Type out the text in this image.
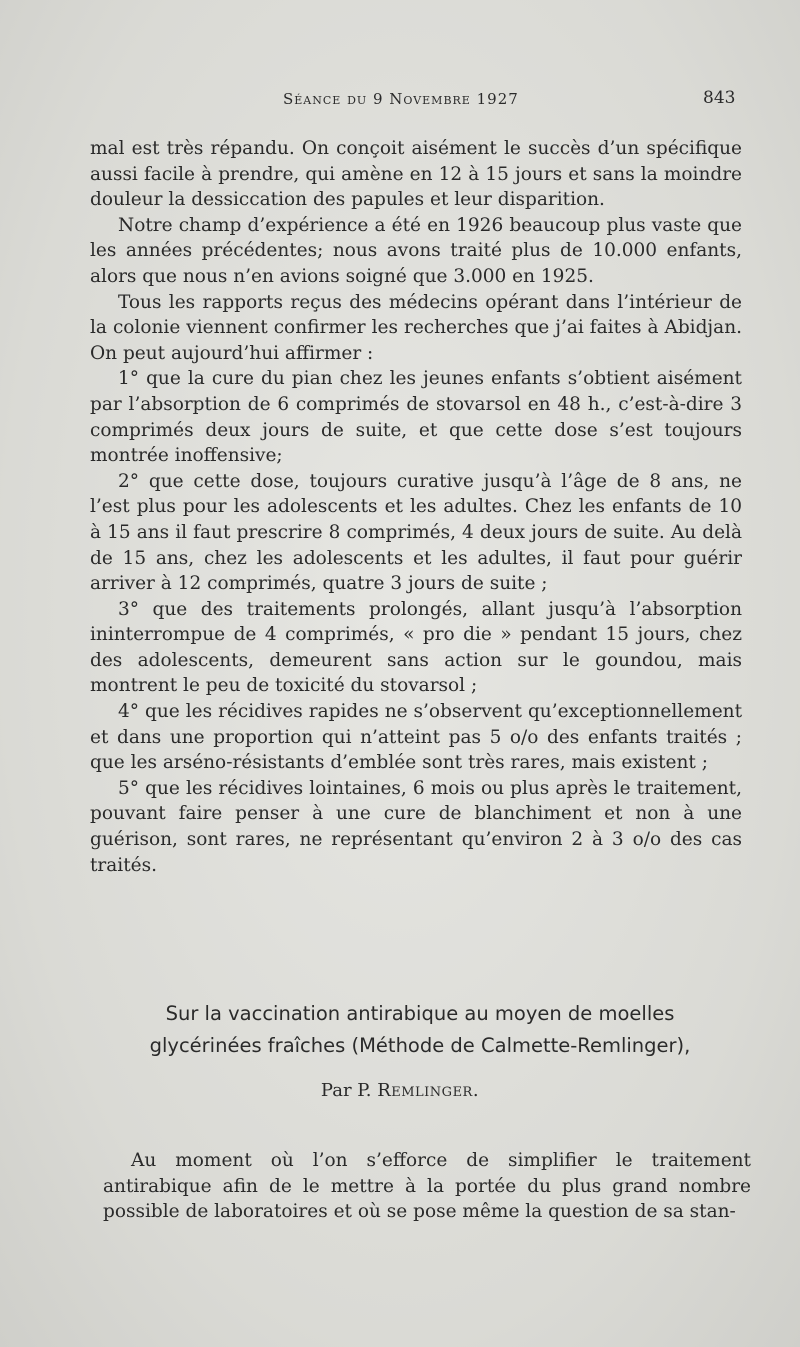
Séance du 9 Novembre 1927	843

mal est très répandu. On conçoit aisément le succès d’un spécifique aussi facile à prendre, qui amène en 12 à 15 jours et sans la moindre douleur la dessiccation des papules et leur disparition.

Notre champ d’expérience a été en 1926 beaucoup plus vaste que les années précédentes; nous avons traité plus de 10.000 enfants, alors que nous n’en avions soigné que 3.000 en 1925.

Tous les rapports reçus des médecins opérant dans l’intérieur de la colonie viennent confirmer les recherches que j’ai faites à Abidjan. On peut aujourd’hui affirmer :

1° que la cure du pian chez les jeunes enfants s’obtient aisément par l’absorption de 6 comprimés de stovarsol en 48 h., c’est-à-dire 3 comprimés deux jours de suite, et que cette dose s’est toujours montrée inoffensive;

2° que cette dose, toujours curative jusqu’à l’âge de 8 ans, ne l’est plus pour les adolescents et les adultes. Chez les enfants de 10 à 15 ans il faut prescrire 8 comprimés, 4 deux jours de suite. Au delà de 15 ans, chez les adolescents et les adultes, il faut pour guérir arriver à 12 comprimés, quatre 3 jours de suite ;

3° que des traitements prolongés, allant jusqu’à l’absorption ininterrompue de 4 comprimés, « pro die » pendant 15 jours, chez des adolescents, demeurent sans action sur le goundou, mais montrent le peu de toxicité du stovarsol ;

4° que les récidives rapides ne s’observent qu’exceptionnellement et dans une proportion qui n’atteint pas 5 o/o des enfants traités ; que les arséno-résistants d’emblée sont très rares, mais existent ;

5° que les récidives lointaines, 6 mois ou plus après le traitement, pouvant faire penser à une cure de blanchiment et non à une guérison, sont rares, ne représentant qu’environ 2 à 3 o/o des cas traités.

Sur la vaccination antirabique au moyen de moelles
glycérinées fraîches (Méthode de Calmette-Remlinger),
Par P. Remlinger.

Au moment où l’on s’efforce de simplifier le traitement antirabique afin de le mettre à la portée du plus grand nombre possible de laboratoires et où se pose même la question de sa stan-
